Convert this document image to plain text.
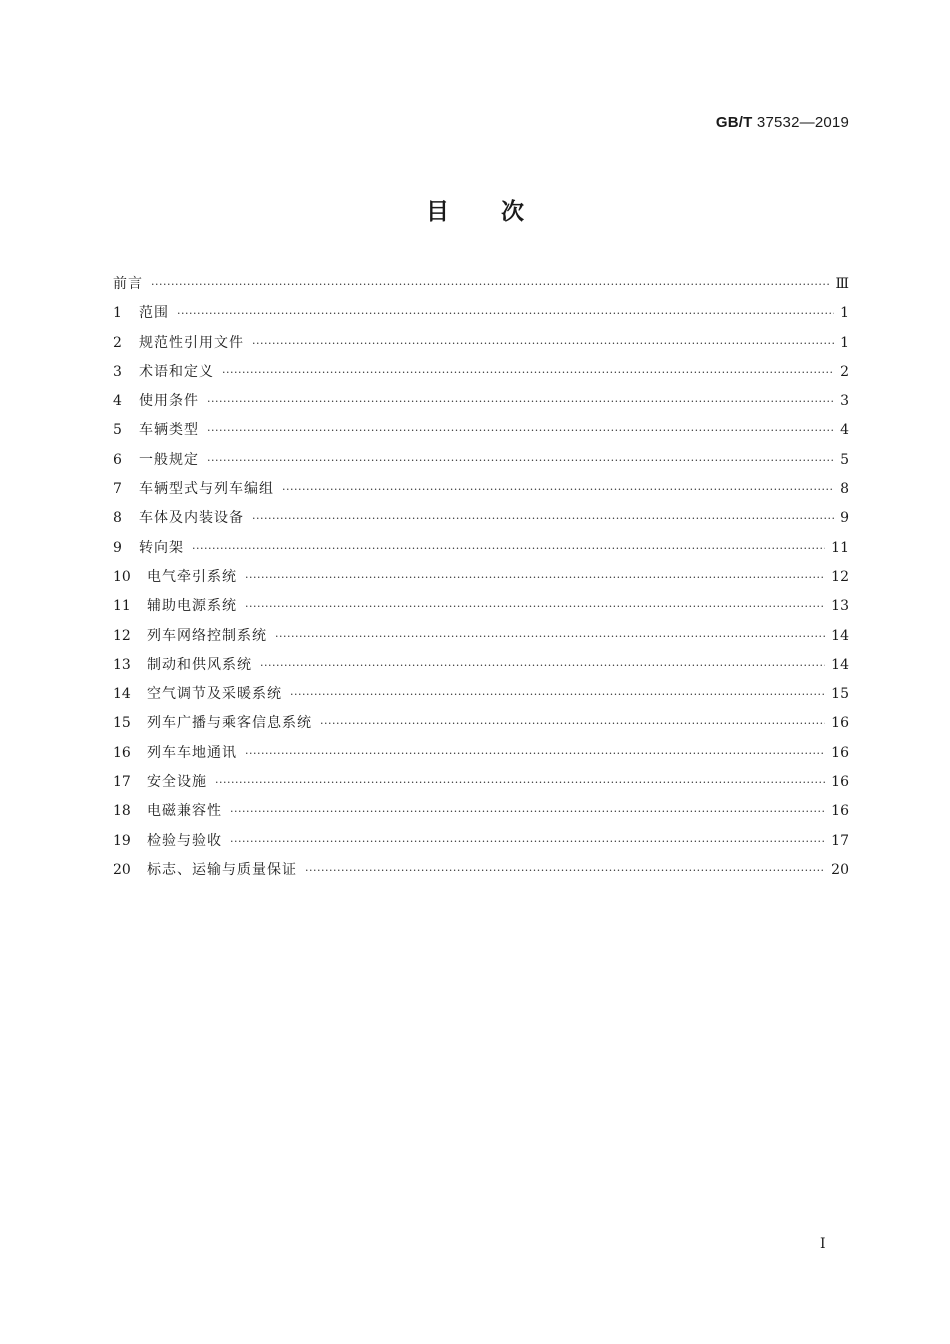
GB/T 37532—2019
目次
前言 ·····	Ⅲ
1	范围 ·····	1
2	规范性引用文件 ·····	1
3	术语和定义 ·····	2
4	使用条件 ·····	3
5	车辆类型 ·····	4
6	一般规定 ·····	5
7	车辆型式与列车编组 ·····	8
8	车体及内装设备 ·····	9
9	转向架 ·····	11
10	电气牵引系统 ·····	12
11	辅助电源系统 ·····	13
12	列车网络控制系统 ·····	14
13	制动和供风系统 ·····	14
14	空气调节及采暖系统 ·····	15
15	列车广播与乘客信息系统 ·····	16
16	列车车地通讯 ·····	16
17	安全设施 ·····	16
18	电磁兼容性 ·····	16
19	检验与验收 ·····	17
20	标志、运输与质量保证 ·····	20
Ⅰ
